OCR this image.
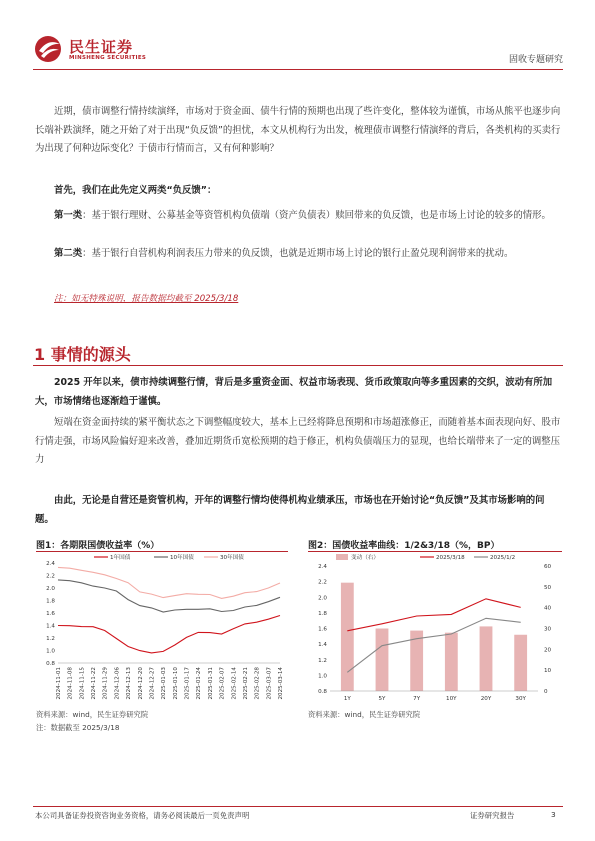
民生证券
MINSHENG SECURITIES	固收专题研究

近期，债市调整行情持续演绎，市场对于资金面、债牛行情的预期也出现了些许变化，整体较为谨慎，市场从熊平也逐步向长端补跌演绎，随之开始了对于出现“负反馈”的担忧，本文从机构行为出发，梳理债市调整行情演绎的背后，各类机构的买卖行为出现了何种边际变化？于债市行情而言，又有何种影响？

首先，我们在此先定义两类“负反馈”：

第一类：基于银行理财、公募基金等资管机构负债端（资产负债表）赎回带来的负反馈，也是市场上讨论的较多的情形。

第二类：基于银行自营机构利润表压力带来的负反馈，也就是近期市场上讨论的银行止盈兑现利润带来的扰动。

注：如无特殊说明，报告数据均截至 2025/3/18
1 事情的源头

2025 开年以来，债市持续调整行情，背后是多重资金面、权益市场表现、货币政策取向等多重因素的交织，波动有所加大，市场情绪也逐渐趋于谨慎。

短端在资金面持续的紧平衡状态之下调整幅度较大，基本上已经将降息预期和市场超涨修正，而随着基本面表现向好、股市行情走强，市场风险偏好迎来改善，叠加近期货币宽松预期的趋于修正，机构负债端压力的显现，也给长端带来了一定的调整压力

由此，无论是自营还是资管机构，开年的调整行情均使得机构业绩承压，市场也在开始讨论“负反馈”及其市场影响的问题。

图1：各期限国债收益率（%）
2.4
2.2
2.0
1.8
1.6
1.4
1.2
1.0
0.8
2024-11-01 2024-11-08 2024-11-15 2024-11-22 2024-11-29 2024-12-06 2024-12-13 2024-12-20 2024-12-27 2025-01-03 2025-01-10 2025-01-17 2025-01-24 2025-01-31 2025-02-07 2025-02-14 2025-02-21 2025-02-28 2025-03-07 2025-03-14
1年国债	10年国债	30年国债
资料来源：wind，民生证券研究院
注：数据截至 2025/3/18
图2：国债收益率曲线：1/2&3/18（%，BP）
2.4
2.2
2.0
1.8
1.6
1.4
1.2
1.0
0.8
60
50
40
30
20
10
0
1Y	5Y	7Y	10Y	20Y	30Y
变动（右）	2025/3/18	2025/1/2
资料来源：wind，民生证券研究院
本公司具备证券投资咨询业务资格，请务必阅读最后一页免责声明	证券研究报告	3
